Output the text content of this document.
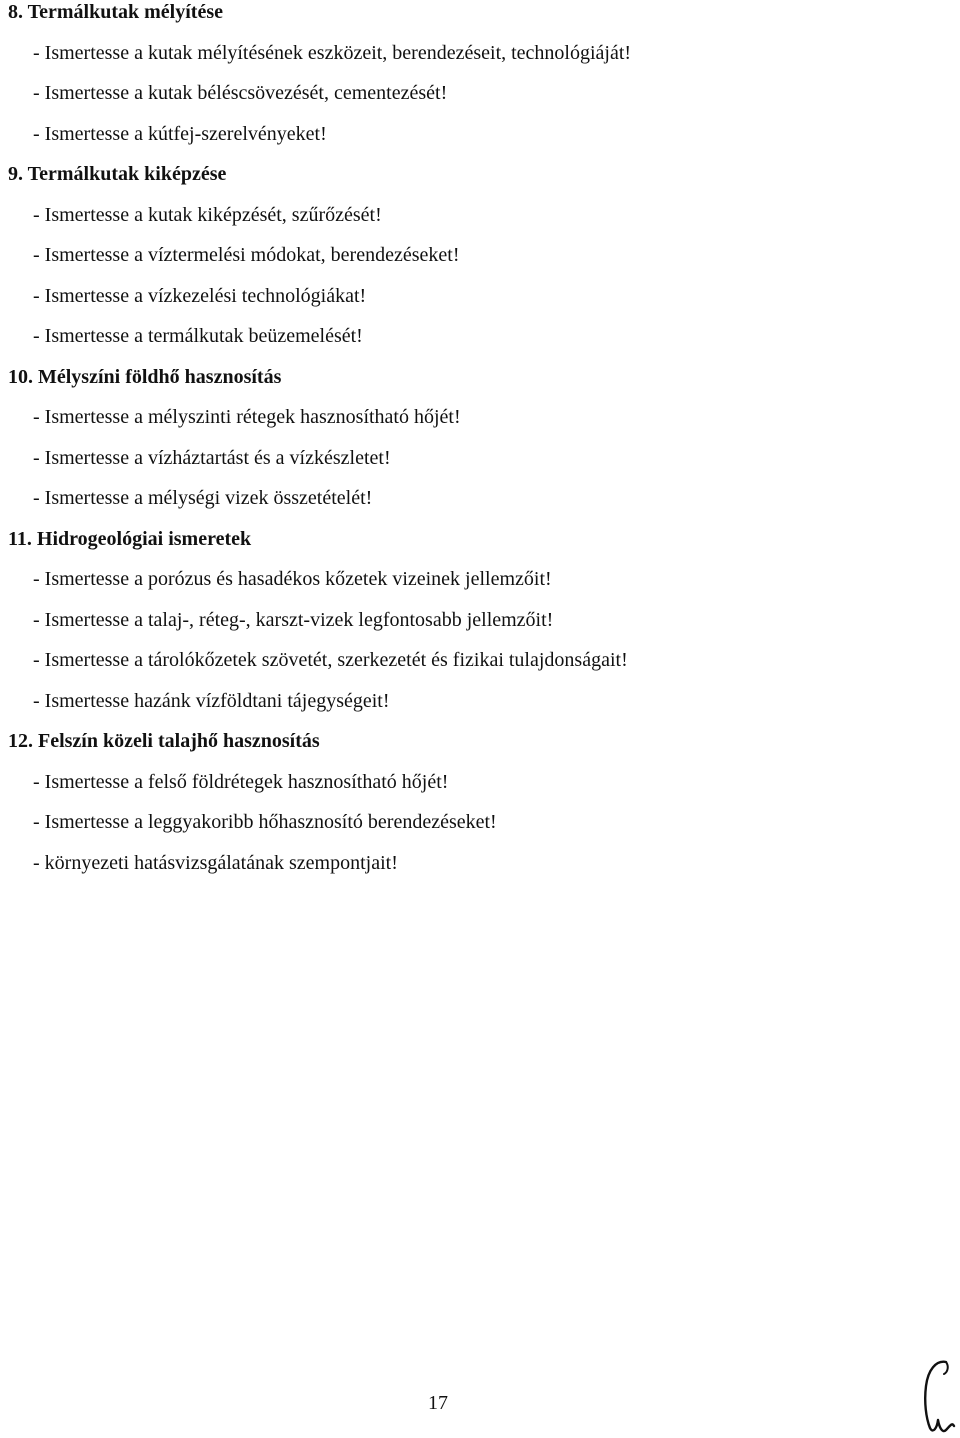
8. Termálkutak mélyítése
- Ismertesse a kutak mélyítésének eszközeit, berendezéseit, technológiáját!
- Ismertesse a kutak béléscsövezését, cementezését!
- Ismertesse a kútfej-szerelvényeket!
9. Termálkutak kiképzése
- Ismertesse a kutak kiképzését, szűrőzését!
- Ismertesse a víztermelési módokat, berendezéseket!
- Ismertesse a vízkezelési technológiákat!
- Ismertesse a termálkutak beüzemelését!
10. Mélyszíni földhő hasznosítás
- Ismertesse a mélyszinti rétegek hasznosítható hőjét!
- Ismertesse a vízháztartást és a vízkészletet!
- Ismertesse a mélységi vizek összetételét!
11. Hidrogeológiai ismeretek
- Ismertesse a porózus és hasadékos kőzetek vizeinek jellemzőit!
- Ismertesse a talaj-, réteg-, karszt-vizek legfontosabb jellemzőit!
- Ismertesse a tárolókőzetek szövetét, szerkezetét és fizikai tulajdonságait!
- Ismertesse hazánk vízföldtani tájegységeit!
12. Felszín közeli talajhő hasznosítás
- Ismertesse a felső földrétegek hasznosítható hőjét!
- Ismertesse a leggyakoribb hőhasznosító berendezéseket!
- környezeti hatásvizsgálatának szempontjait!
17
